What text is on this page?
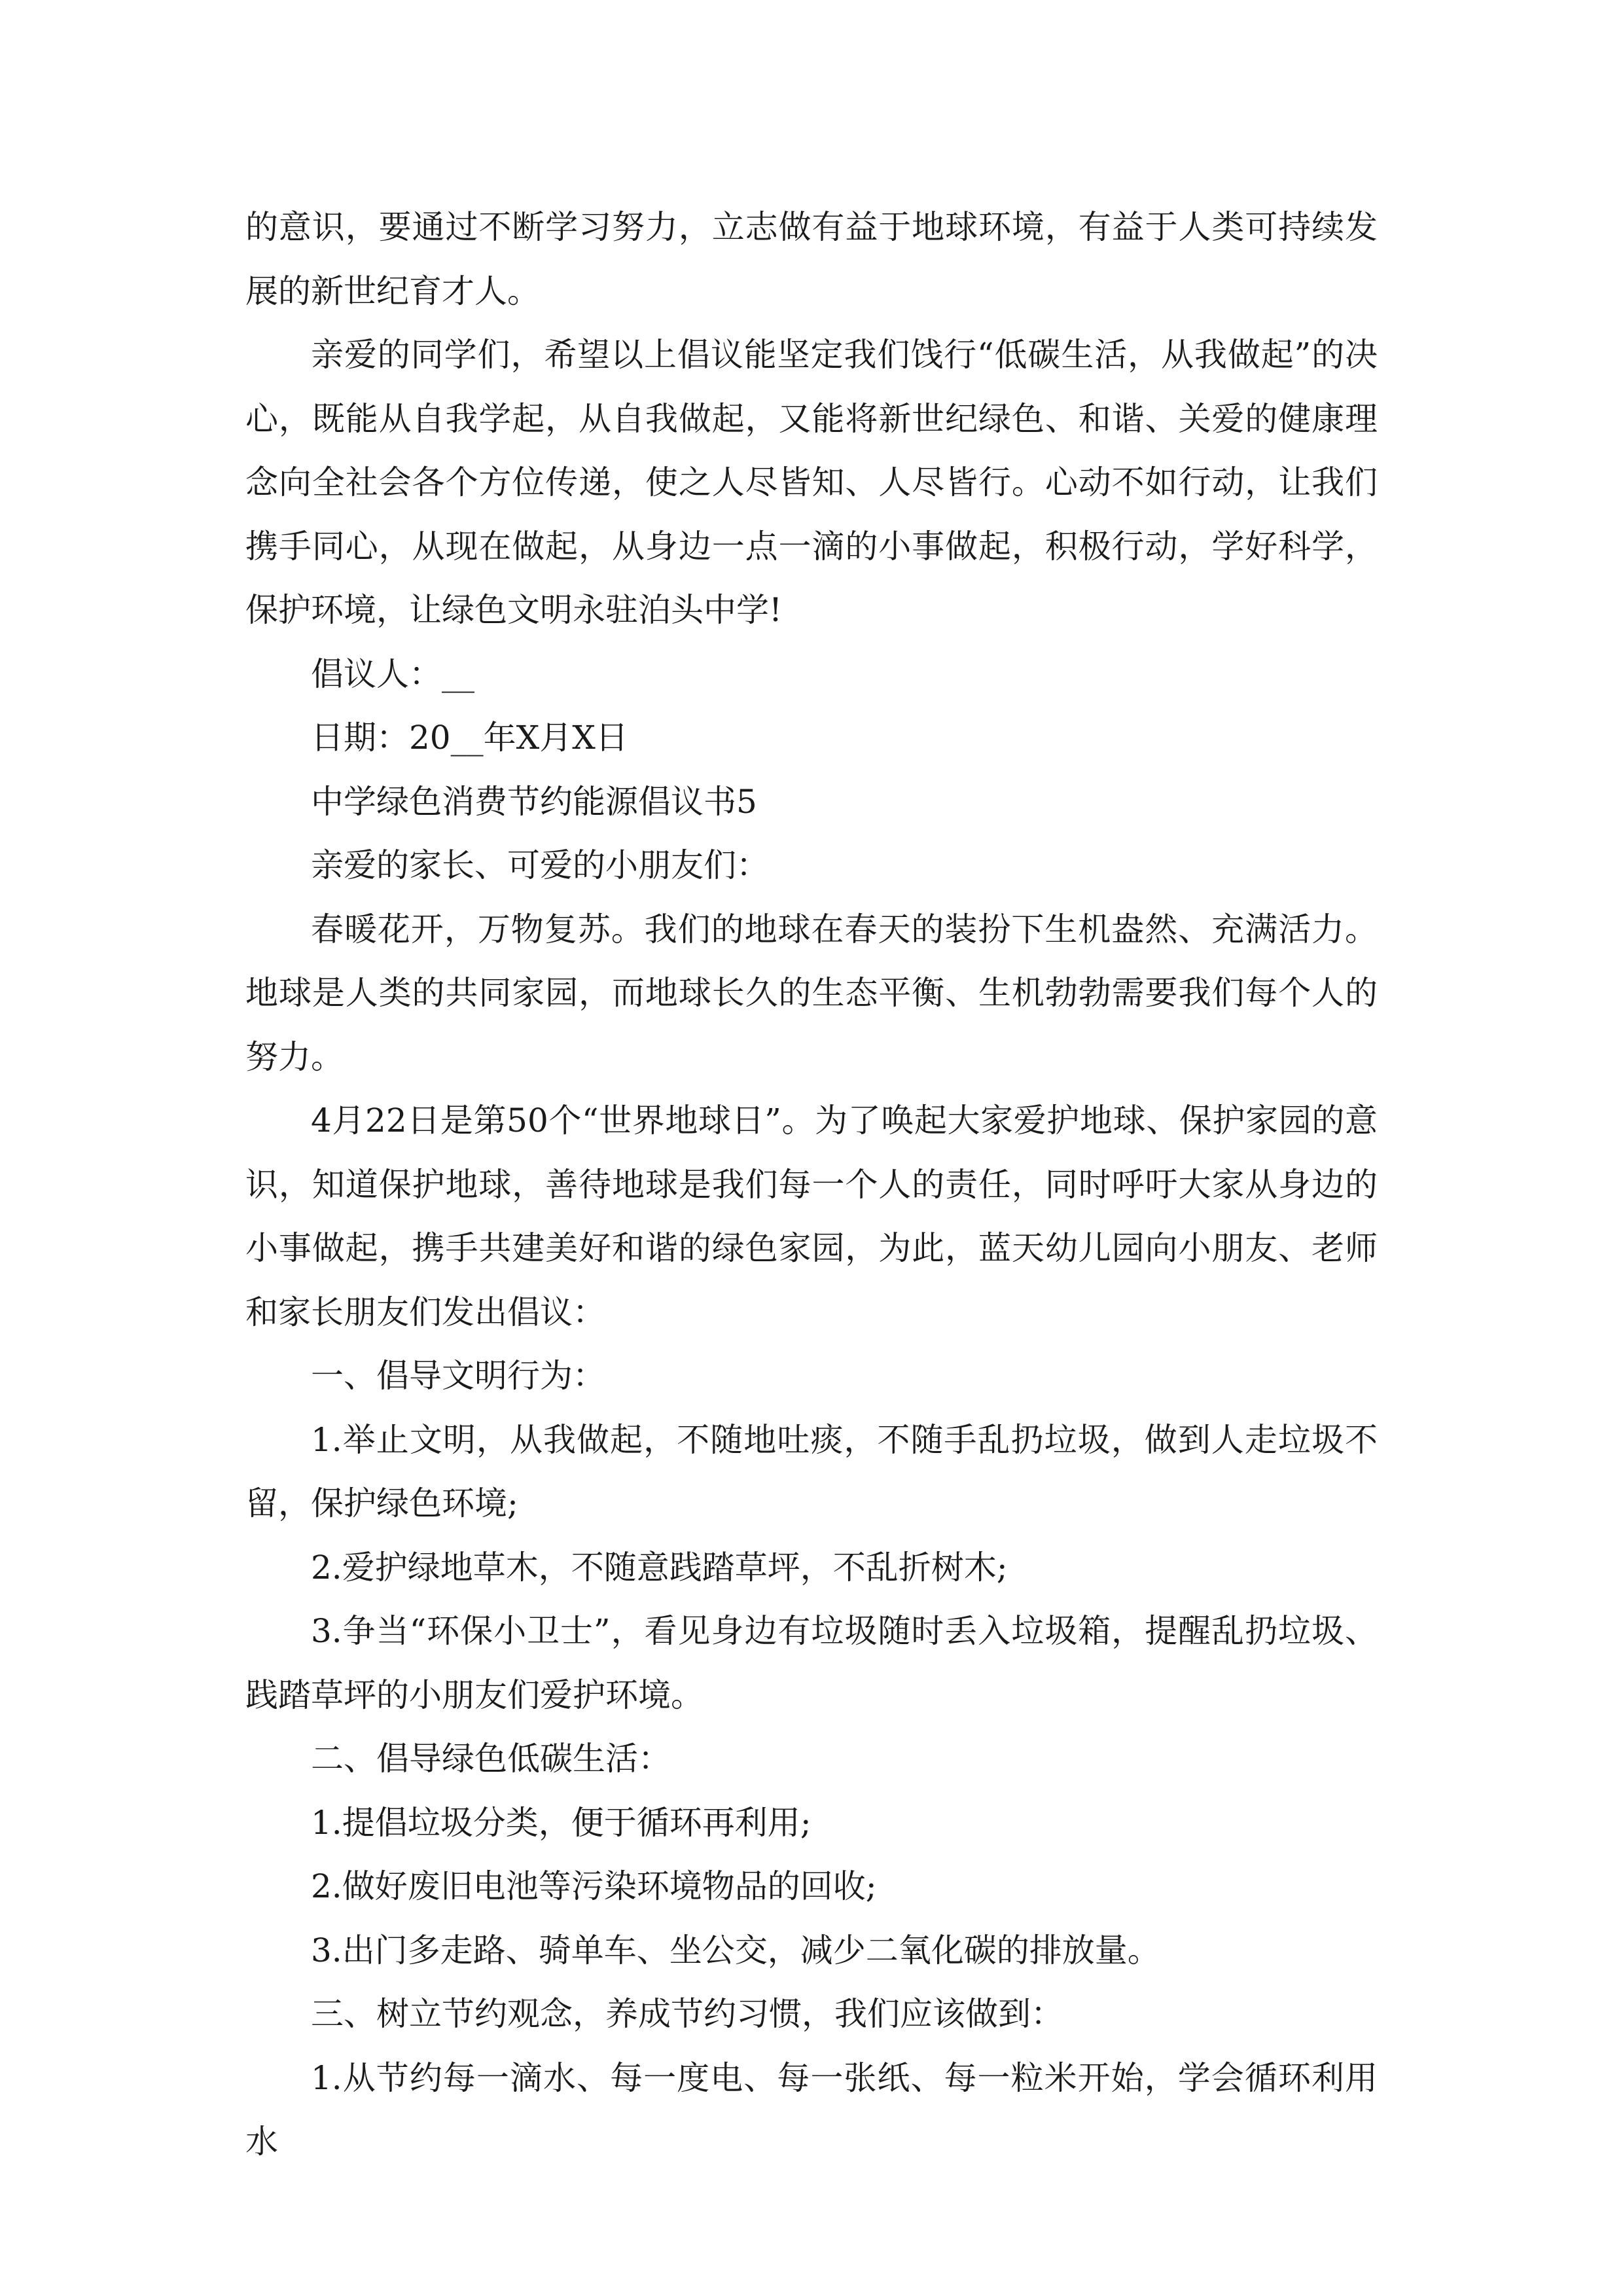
的意识，要通过不断学习努力，立志做有益于地球环境，有益于人类可持续发展的新世纪育才人。

亲爱的同学们，希望以上倡议能坚定我们饯行“低碳生活，从我做起”的决心，既能从自我学起，从自我做起，又能将新世纪绿色、和谐、关爱的健康理念向全社会各个方位传递，使之人尽皆知、人尽皆行。心动不如行动，让我们携手同心，从现在做起，从身边一点一滴的小事做起，积极行动，学好科学，保护环境，让绿色文明永驻泊头中学!

倡议人：__

日期：20__年X月X日

中学绿色消费节约能源倡议书5

亲爱的家长、可爱的小朋友们：

春暖花开，万物复苏。我们的地球在春天的装扮下生机盎然、充满活力。地球是人类的共同家园，而地球长久的生态平衡、生机勃勃需要我们每个人的努力。

4月22日是第50个“世界地球日”。为了唤起大家爱护地球、保护家园的意识，知道保护地球，善待地球是我们每一个人的责任，同时呼吁大家从身边的小事做起，携手共建美好和谐的绿色家园，为此，蓝天幼儿园向小朋友、老师和家长朋友们发出倡议：

一、倡导文明行为：

1.举止文明，从我做起，不随地吐痰，不随手乱扔垃圾，做到人走垃圾不留，保护绿色环境;

2.爱护绿地草木，不随意践踏草坪，不乱折树木;

3.争当“环保小卫士”，看见身边有垃圾随时丢入垃圾箱，提醒乱扔垃圾、践踏草坪的小朋友们爱护环境。

二、倡导绿色低碳生活：

1.提倡垃圾分类，便于循环再利用;

2.做好废旧电池等污染环境物品的回收;

3.出门多走路、骑单车、坐公交，减少二氧化碳的排放量。

三、树立节约观念，养成节约习惯，我们应该做到：

1.从节约每一滴水、每一度电、每一张纸、每一粒米开始，学会循环利用水
